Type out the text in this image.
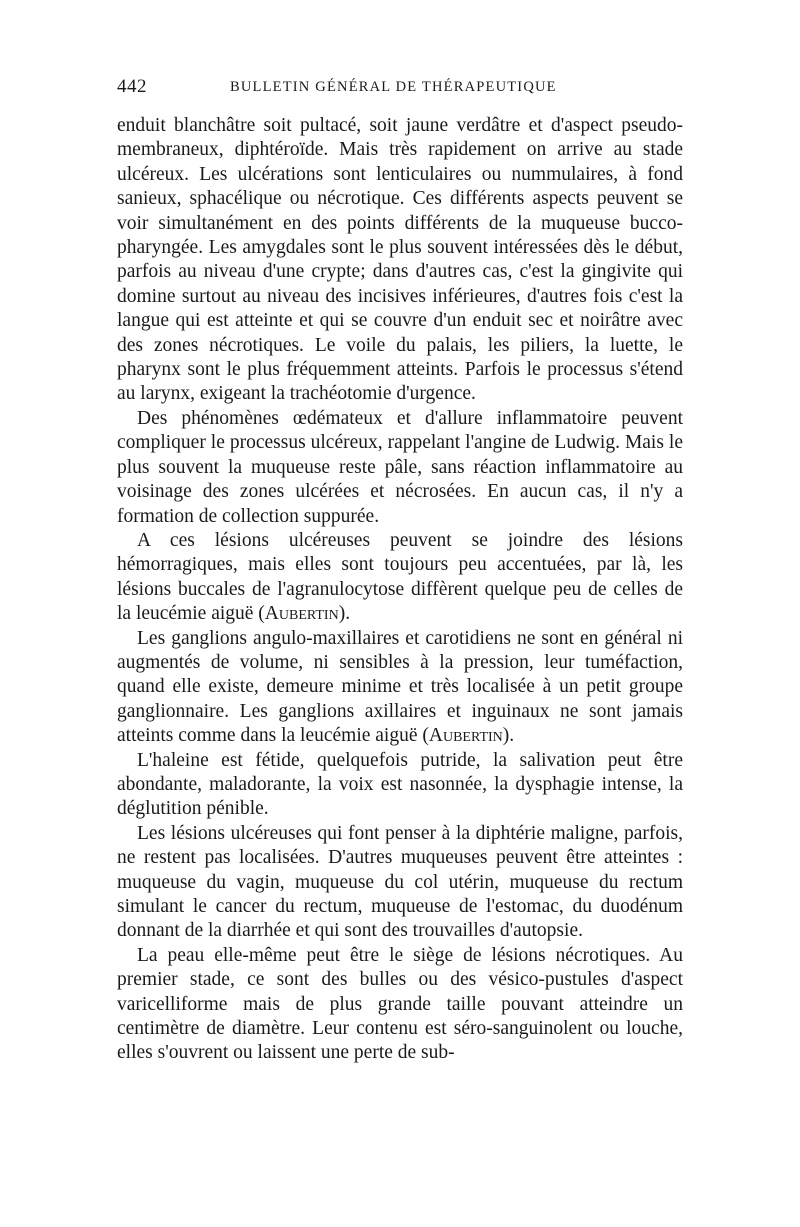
442	BULLETIN GÉNÉRAL DE THÉRAPEUTIQUE

enduit blanchâtre soit pultacé, soit jaune verdâtre et d'aspect pseudo-membraneux, diphtéroïde. Mais très rapidement on arrive au stade ulcéreux. Les ulcérations sont lenticulaires ou nummulaires, à fond sanieux, sphacélique ou nécrotique. Ces différents aspects peuvent se voir simultanément en des points différents de la muqueuse bucco-pharyngée. Les amygdales sont le plus souvent intéressées dès le début, parfois au niveau d'une crypte; dans d'autres cas, c'est la gingivite qui domine surtout au niveau des incisives inférieures, d'autres fois c'est la langue qui est atteinte et qui se couvre d'un enduit sec et noirâtre avec des zones nécrotiques. Le voile du palais, les piliers, la luette, le pharynx sont le plus fréquemment atteints. Parfois le processus s'étend au larynx, exigeant la trachéotomie d'urgence.

Des phénomènes œdémateux et d'allure inflammatoire peuvent compliquer le processus ulcéreux, rappelant l'angine de Ludwig. Mais le plus souvent la muqueuse reste pâle, sans réaction inflammatoire au voisinage des zones ulcérées et nécrosées. En aucun cas, il n'y a formation de collection suppurée.

A ces lésions ulcéreuses peuvent se joindre des lésions hémorragiques, mais elles sont toujours peu accentuées, par là, les lésions buccales de l'agranulocytose diffèrent quelque peu de celles de la leucémie aiguë (Aubertin).

Les ganglions angulo-maxillaires et carotidiens ne sont en général ni augmentés de volume, ni sensibles à la pression, leur tuméfaction, quand elle existe, demeure minime et très localisée à un petit groupe ganglionnaire. Les ganglions axillaires et inguinaux ne sont jamais atteints comme dans la leucémie aiguë (Aubertin).

L'haleine est fétide, quelquefois putride, la salivation peut être abondante, maladorante, la voix est nasonnée, la dysphagie intense, la déglutition pénible.

Les lésions ulcéreuses qui font penser à la diphtérie maligne, parfois, ne restent pas localisées. D'autres muqueuses peuvent être atteintes : muqueuse du vagin, muqueuse du col utérin, muqueuse du rectum simulant le cancer du rectum, muqueuse de l'estomac, du duodénum donnant de la diarrhée et qui sont des trouvailles d'autopsie.

La peau elle-même peut être le siège de lésions nécrotiques. Au premier stade, ce sont des bulles ou des vésico-pustules d'aspect varicelliforme mais de plus grande taille pouvant atteindre un centimètre de diamètre. Leur contenu est séro-sanguinolent ou louche, elles s'ouvrent ou laissent une perte de sub-
